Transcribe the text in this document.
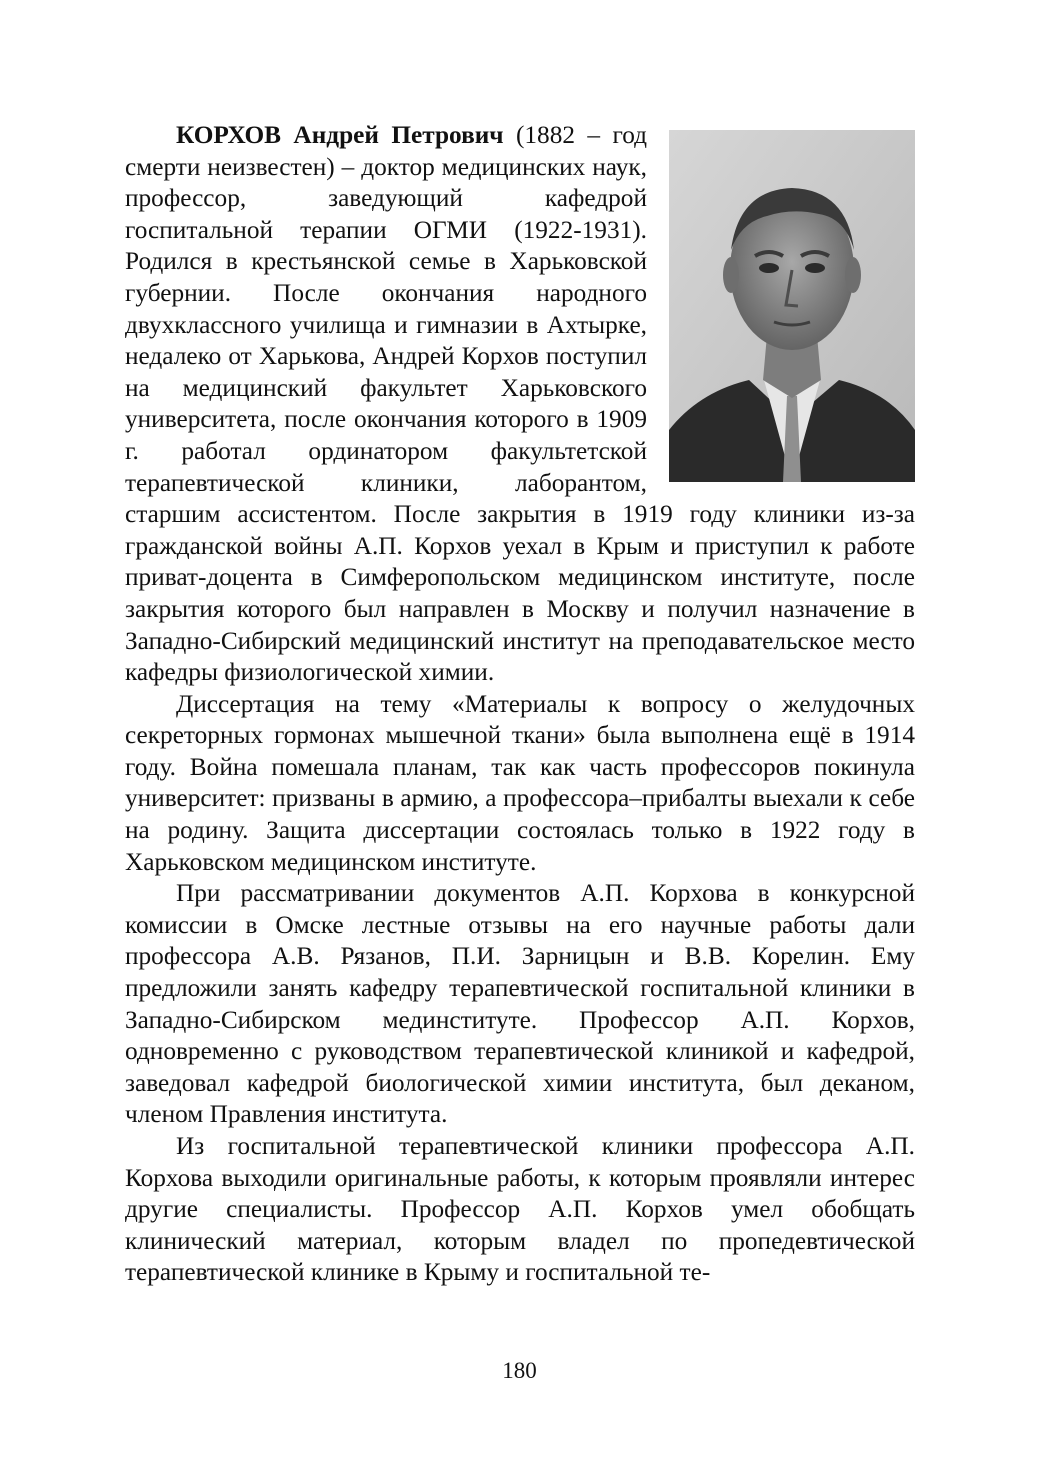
КОРХОВ Андрей Петрович (1882 – год смерти неизвестен) – доктор медицинских наук, профессор, заведующий кафедрой госпитальной терапии ОГМИ (1922-1931). Родился в крестьянской семье в Харьковской губернии. После окончания народного двухклассного училища и гимназии в Ахтырке, недалеко от Харькова, Андрей Корхов поступил на медицинский факультет Харьковского университета, после окончания которого в 1909 г. работал ординатором факультетской терапевтической клиники, лаборантом, старшим ассистентом. После закрытия в 1919 году клиники из-за гражданской войны А.П. Корхов уехал в Крым и приступил к работе приват-доцента в Симферопольском медицинском институте, после закрытия которого был направлен в Москву и получил назначение в Западно-Сибирский медицинский институт на преподавательское место кафедры физиологической химии.

Диссертация на тему «Материалы к вопросу о желудочных секреторных гормонах мышечной ткани» была выполнена ещё в 1914 году. Война помешала планам, так как часть профессоров покинула университет: призваны в армию, а профессора–прибалты выехали к себе на родину. Защита диссертации состоялась только в 1922 году в Харьковском медицинском институте.

При рассматривании документов А.П. Корхова в конкурсной комиссии в Омске лестные отзывы на его научные работы дали профессора А.В. Рязанов, П.И. Зарницын и В.В. Корелин. Ему предложили занять кафедру терапевтической госпитальной клиники в Западно-Сибирском мединституте. Профессор А.П. Корхов, одновременно с руководством терапевтической клиникой и кафедрой, заведовал кафедрой биологической химии института, был деканом, членом Правления института.

Из госпитальной терапевтической клиники профессора А.П. Корхова выходили оригинальные работы, к которым проявляли интерес другие специалисты. Профессор А.П. Корхов умел обобщать клинический материал, которым владел по пропедевтической терапевтической клинике в Крыму и госпитальной те-

180
